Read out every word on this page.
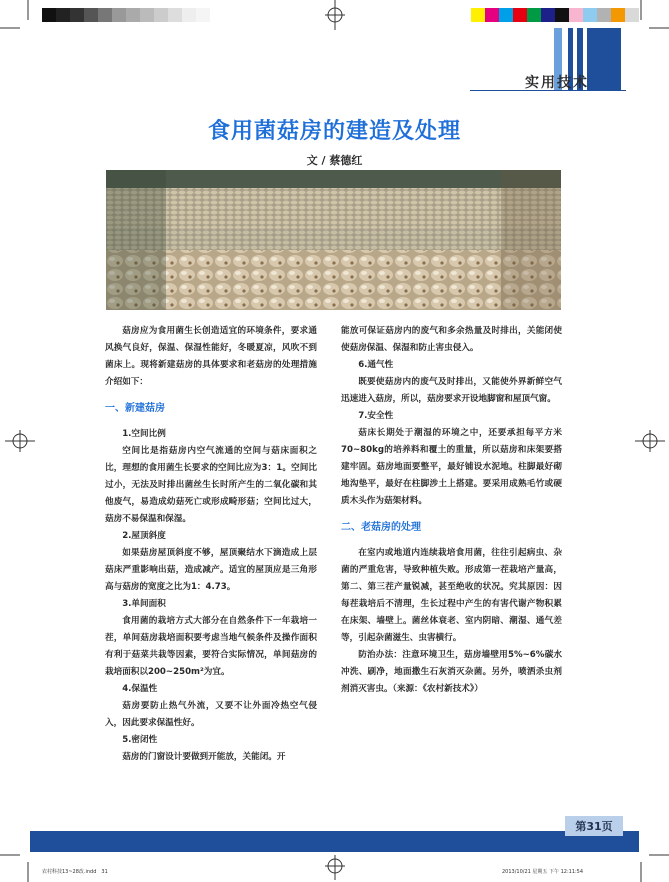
实用技术
食用菌菇房的建造及处理
文 / 蔡德红

菇房应为食用菌生长创造适宜的环境条件，要求通风换气良好，保温、保湿性能好，冬暖夏凉，风吹不到菌床上。现将新建菇房的具体要求和老菇房的处理措施介绍如下：

一、新建菇房

1.空间比例

空间比是指菇房内空气流通的空间与菇床面积之比，理想的食用菌生长要求的空间比应为3：1。空间比过小，无法及时排出菌丝生长时所产生的二氧化碳和其他废气，易造成幼菇死亡或形成畸形菇；空间比过大，菇房不易保温和保湿。

2.屋顶斜度

如果菇房屋顶斜度不够，屋顶聚结水下滴造成上层菇床严重影响出菇，造成减产。适宜的屋顶应是三角形高与菇房的宽度之比为1：4.73。

3.单间面积

食用菌的栽培方式大部分在自然条件下一年栽培一茬，单间菇房栽培面积要考虑当地气候条件及操作面积有利于菇菜共栽等因素，要符合实际情况，单间菇房的栽培面积以200~250m²为宜。

4.保温性

菇房要防止热气外流，又要不让外面冷热空气侵入，因此要求保温性好。

5.密闭性

菇房的门窗设计要做到开能放，关能闭。开

能放可保证菇房内的废气和多余热量及时排出，关能闭使使菇房保温、保湿和防止害虫侵入。

6.通气性

既要使菇房内的废气及时排出，又能使外界新鲜空气迅速进入菇房，所以，菇房要求开设地脚窗和屋顶气窗。

7.安全性

菇床长期处于潮湿的环境之中，还要承担每平方米70~80kg的培养料和覆土的重量，所以菇房和床架要搭建牢固。菇房地面要整平，最好铺设水泥地。柱脚最好砌地沟垫平，最好在柱脚涉土上搭建。要采用成熟毛竹或硬质木头作为菇架材料。

二、老菇房的处理

在室内或地道内连续栽培食用菌，往往引起病虫、杂菌的严重危害，导致种植失败。形成第一茬栽培产量高，第二、第三茬产量锐减，甚至绝收的状况。究其原因：因每茬栽培后不清理，生长过程中产生的有害代谢产物积累在床架、墙壁上。菌丝体衰老、室内阴暗、潮湿、通气差等，引起杂菌滋生、虫害横行。

防治办法：注意环境卫生，菇房墙壁用5%~6%碳水冲洗、刷净，地面撒生石灰消灭杂菌。另外，喷洒杀虫剂剂消灭害虫。（来源：《农村新技术》）

第31页
农村科技13~28改.indd　31	2013/10/21 星期五 下午 12:11:54
